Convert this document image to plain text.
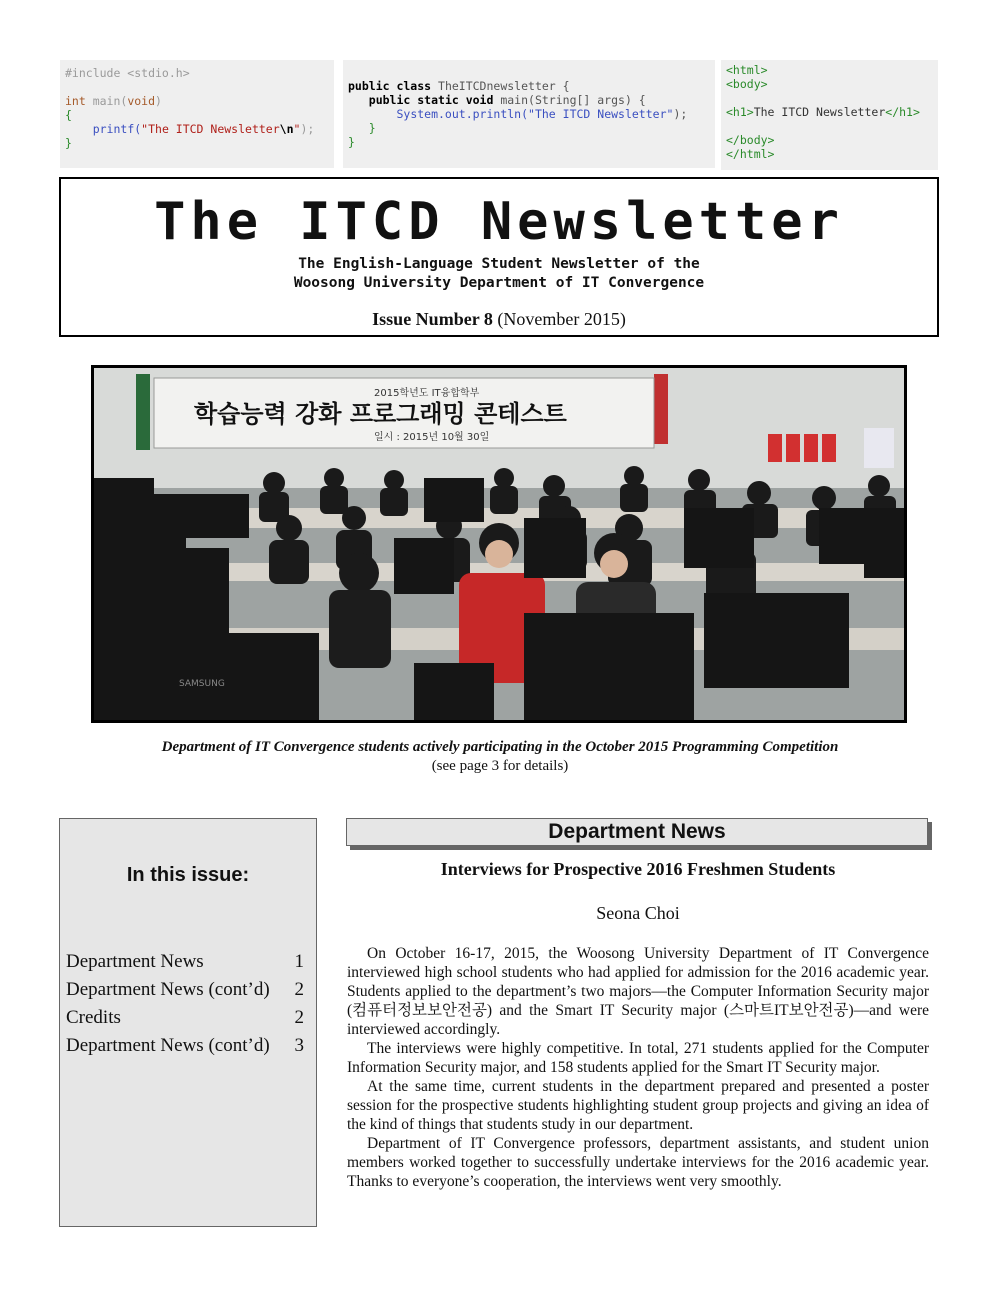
#include <stdio.h>

int main(void)
{
printf("The ITCD Newsletter\n");
}
public class TheITCDnewsletter {
public static void main(String[] args) {
System.out.println("The ITCD Newsletter");
}
}
<html>
<body>

<h1>The ITCD Newsletter</h1>

</body>
</html>
The ITCD Newsletter
The English-Language Student Newsletter of the
Woosong University Department of IT Convergence
Issue Number 8 (November 2015)
2015학년도 IT융합학부
학습능력 강화 프로그래밍 콘테스트
일시 : 2015년 10월 30일
SAMSUNG
Department of IT Convergence students actively participating in the October 2015 Programming Competition
(see page 3 for details)
In this issue:
Department News	1
Department News (cont’d) 2
Credits	2
Department News (cont’d) 3
Department News
Interviews for Prospective 2016 Freshmen Students
Seona Choi

On October 16-17, 2015, the Woosong University Department of IT Convergence interviewed high school students who had applied for admission for the 2016 academic year. Students applied to the department’s two majors—the Computer Information Security major (컴퓨터정보보안전공) and the Smart IT Security major (스마트IT보안전공)—and were interviewed accordingly.

The interviews were highly competitive. In total, 271 students applied for the Computer Information Security major, and 158 students applied for the Smart IT Security major.

At the same time, current students in the department prepared and presented a poster session for the prospective students highlighting student group projects and giving an idea of the kind of things that students study in our department.

Department of IT Convergence professors, department assistants, and student union members worked together to successfully undertake interviews for the 2016 academic year. Thanks to everyone’s cooperation, the interviews went very smoothly.
